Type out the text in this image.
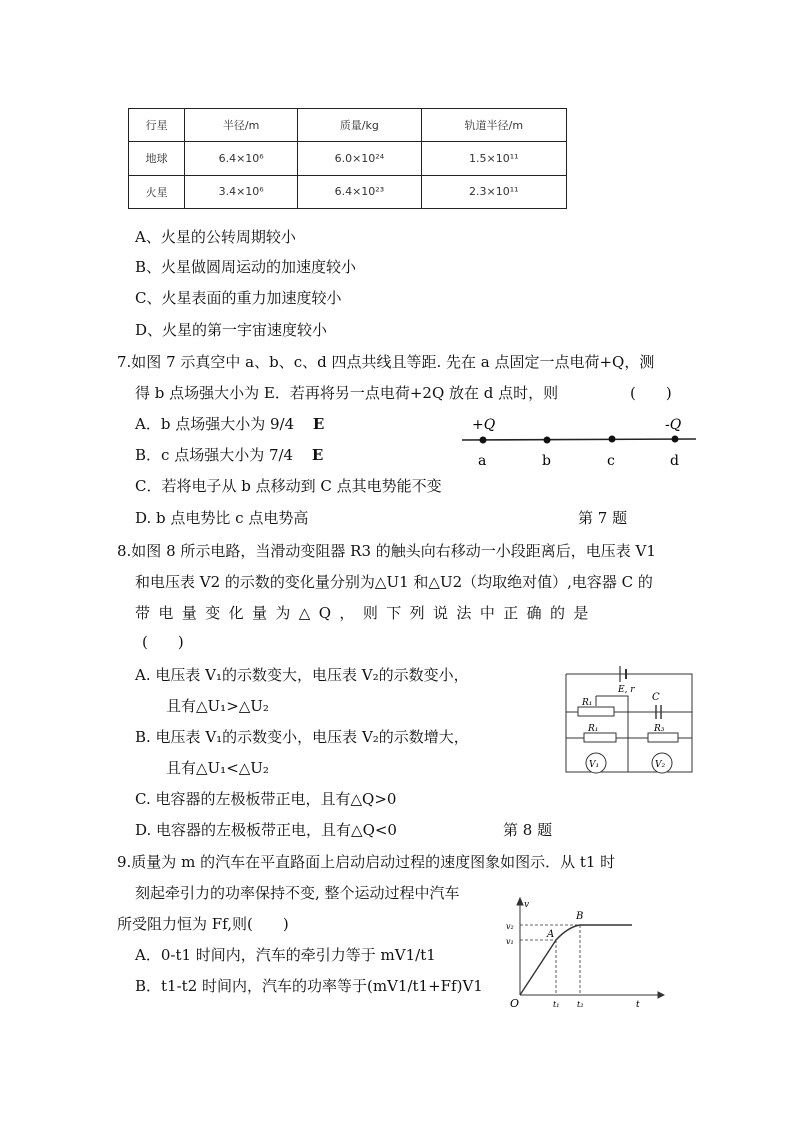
行星	半径/m	质量/kg	轨道半径/m
地球	6.4×10⁶	6.0×10²⁴	1.5×10¹¹
火星	3.4×10⁶	6.4×10²³	2.3×10¹¹
A、火星的公转周期较小
B、火星做圆周运动的加速度较小
C、火星表面的重力加速度较小
D、火星的第一宇宙速度较小
7.如图 7 示真空中 a、b、c、d 四点共线且等距. 先在 a 点固定一点电荷+Q，测
得 b 点场强大小为 E．若再将另一点电荷+2Q 放在 d 点时，则	(　　)
A．b 点场强大小为 9/4 E
B．c 点场强大小为 7/4 E
C．若将电子从 b 点移动到 C 点其电势能不变
D. b 点电势比 c 点电势高	第 7 题
+Q	-Q
a	b	c	d
8.如图 8 所示电路，当滑动变阻器 R3 的触头向右移动一小段距离后，电压表 V1
和电压表 V2 的示数的变化量分别为△U1 和△U2（均取绝对值）,电容器 C 的
带电量变化量为△Q，则下列说法中正确的是
(　　)
A. 电压表 V₁的示数变大，电压表 V₂的示数变小，
且有△U₁>△U₂
B. 电压表 V₁的示数变小，电压表 V₂的示数增大，
且有△U₁<△U₂
C. 电容器的左极板带正电，且有△Q>0
D. 电容器的左极板带正电，且有△Q<0	第 8 题
E, r
R₁	C
R₁	R₃
V₁	V₂
9.质量为 m 的汽车在平直路面上启动启动过程的速度图象如图示．从 t1 时
刻起牵引力的功率保持不变, 整个运动过程中汽车
所受阻力恒为 Ff,则(　　)
A．0-t1 时间内，汽车的牵引力等于 mV1/t1
B．t1-t2 时间内，汽车的功率等于(mV1/t1+Ff)V1
v
t
O
v₁
v₂
t₁ t₂
A
B
